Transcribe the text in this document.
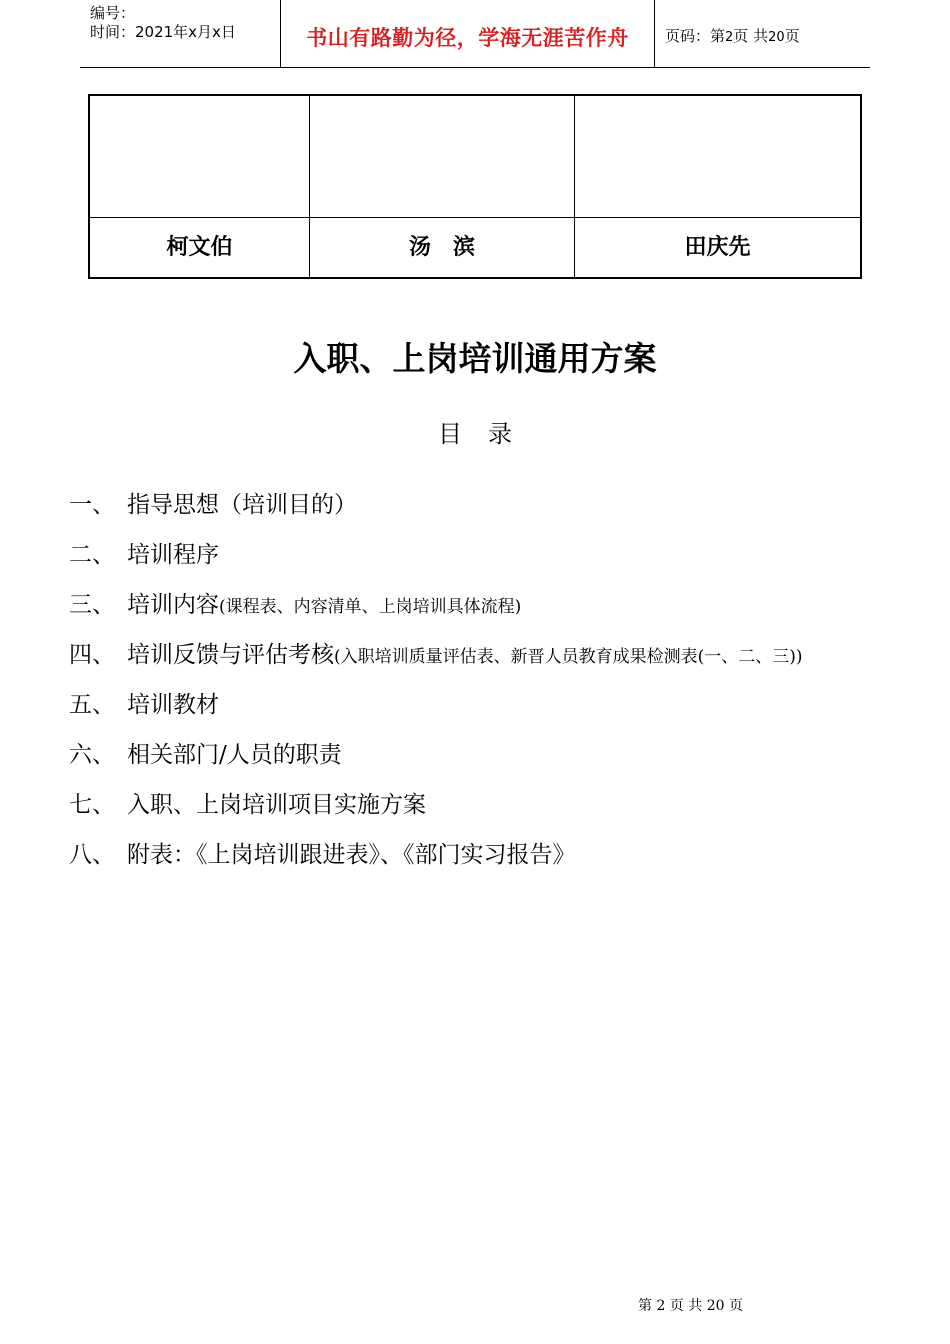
编号：
时间：2021年x月x日	书山有路勤为径，学海无涯苦作舟	页码：第2页 共20页
柯文伯	汤　滨	田庆先
入职、上岗培训通用方案
目录
一、 指导思想（培训目的）
二、 培训程序
三、 培训内容(课程表、内容清单、上岗培训具体流程)
四、 培训反馈与评估考核(入职培训质量评估表、新晋人员教育成果检测表(一、二、三))
五、 培训教材
六、 相关部门/人员的职责
七、 入职、上岗培训项目实施方案
八、 附表：《上岗培训跟进表》、《部门实习报告》
第 2 页 共 20 页
